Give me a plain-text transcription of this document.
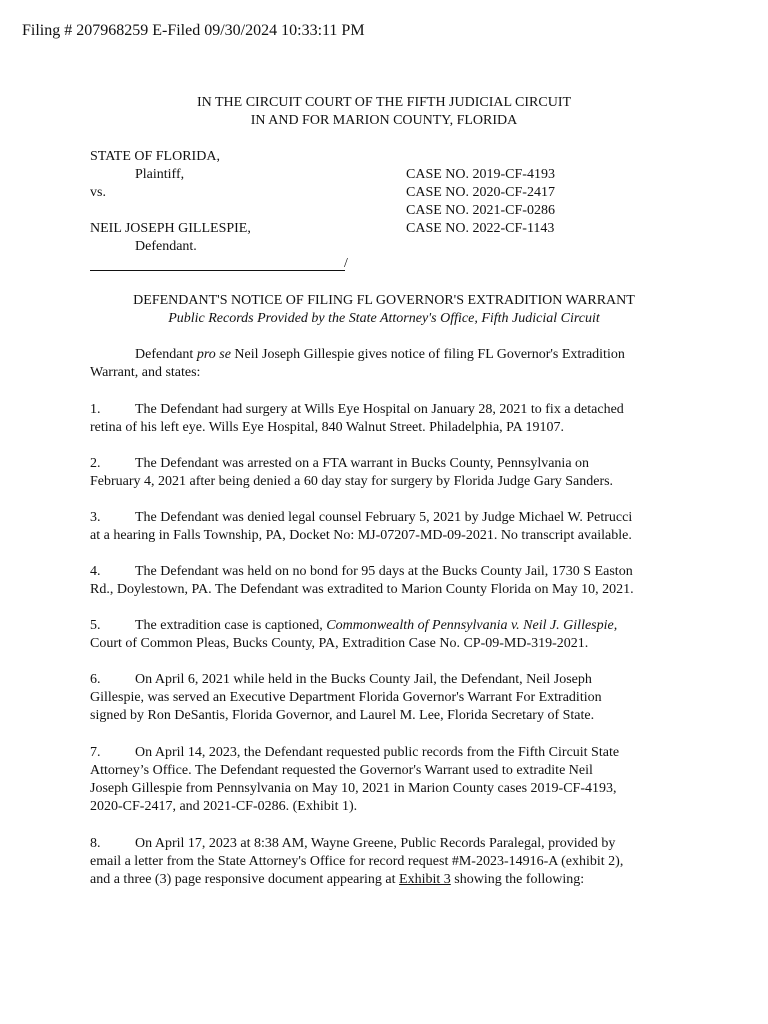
Filing # 207968259 E-Filed 09/30/2024 10:33:11 PM
IN THE CIRCUIT COURT OF THE FIFTH JUDICIAL CIRCUIT
IN AND FOR MARION COUNTY, FLORIDA
STATE OF FLORIDA,
Plaintiff,
vs.
NEIL JOSEPH GILLESPIE,
Defendant.
/
CASE NO. 2019-CF-4193
CASE NO. 2020-CF-2417
CASE NO. 2021-CF-0286
CASE NO. 2022-CF-1143
DEFENDANT'S NOTICE OF FILING FL GOVERNOR'S EXTRADITION WARRANT
Public Records Provided by the State Attorney's Office, Fifth Judicial Circuit
Defendant pro se Neil Joseph Gillespie gives notice of filing FL Governor's Extradition
Warrant, and states:
1. The Defendant had surgery at Wills Eye Hospital on January 28, 2021 to fix a detached
retina of his left eye. Wills Eye Hospital, 840 Walnut Street. Philadelphia, PA 19107.
2. The Defendant was arrested on a FTA warrant in Bucks County, Pennsylvania on
February 4, 2021 after being denied a 60 day stay for surgery by Florida Judge Gary Sanders.
3. The Defendant was denied legal counsel February 5, 2021 by Judge Michael W. Petrucci
at a hearing in Falls Township, PA, Docket No: MJ-07207-MD-09-2021. No transcript available.
4. The Defendant was held on no bond for 95 days at the Bucks County Jail, 1730 S Easton
Rd., Doylestown, PA. The Defendant was extradited to Marion County Florida on May 10, 2021.
5. The extradition case is captioned, Commonwealth of Pennsylvania v. Neil J. Gillespie,
Court of Common Pleas, Bucks County, PA, Extradition Case No. CP-09-MD-319-2021.
6. On April 6, 2021 while held in the Bucks County Jail, the Defendant, Neil Joseph
Gillespie, was served an Executive Department Florida Governor's Warrant For Extradition
signed by Ron DeSantis, Florida Governor, and Laurel M. Lee, Florida Secretary of State.
7. On April 14, 2023, the Defendant requested public records from the Fifth Circuit State
Attorney’s Office. The Defendant requested the Governor's Warrant used to extradite Neil
Joseph Gillespie from Pennsylvania on May 10, 2021 in Marion County cases 2019-CF-4193,
2020-CF-2417, and 2021-CF-0286. (Exhibit 1).
8. On April 17, 2023 at 8:38 AM, Wayne Greene, Public Records Paralegal, provided by
email a letter from the State Attorney's Office for record request #M-2023-14916-A (exhibit 2),
and a three (3) page responsive document appearing at Exhibit 3 showing the following:
